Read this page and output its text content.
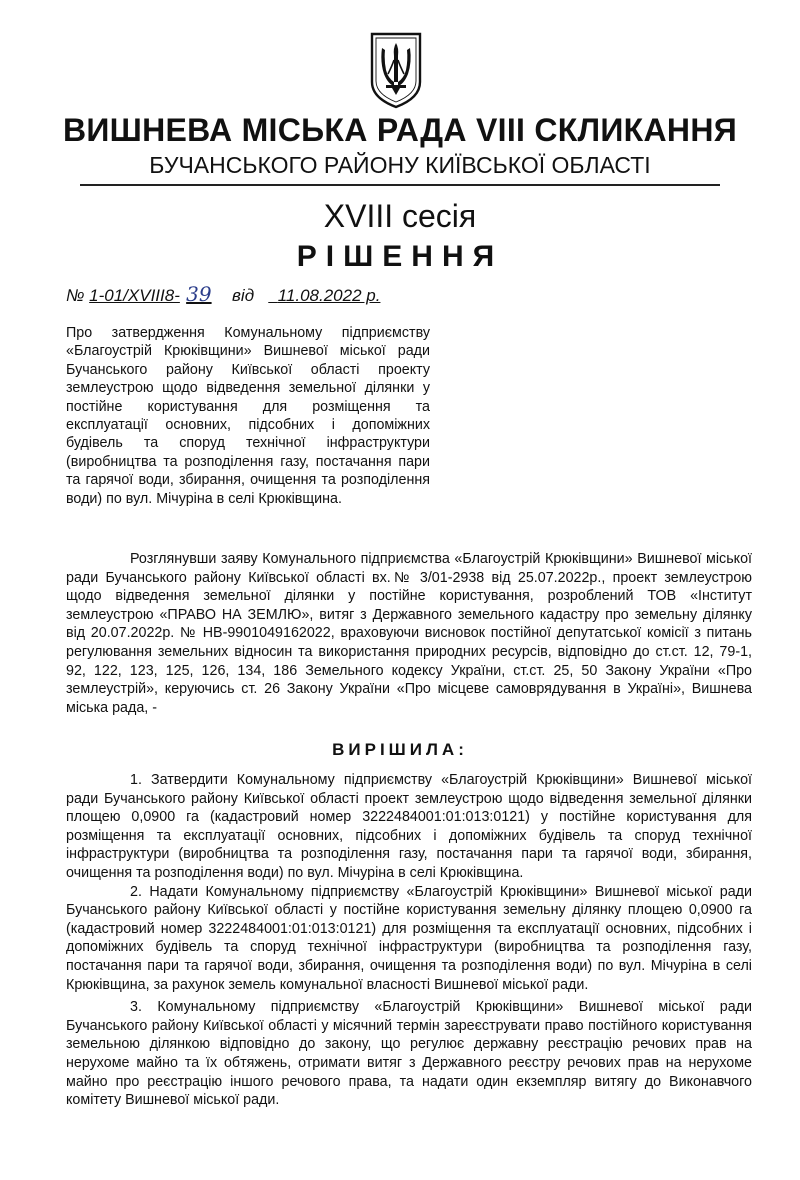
ВИШНЕВА МІСЬКА РАДА VIII СКЛИКАННЯ
БУЧАНСЬКОГО РАЙОНУ КИЇВСЬКОЇ ОБЛАСТІ
XVIII сесія
РІШЕННЯ
№ 1-01/XVIII8- 39 від 11.08.2022 р.
Про затвердження Комунальному підприємству «Благоустрій Крюківщини» Вишневої міської ради Бучанського району Київської області проекту землеустрою щодо відведення земельної ділянки у постійне користування для розміщення та експлуатації основних, підсобних і допоміжних будівель та споруд технічної інфраструктури (виробництва та розподілення газу, постачання пари та гарячої води, збирання, очищення та розподілення води) по вул. Мічуріна в селі Крюківщина.

Розглянувши заяву Комунального підприємства «Благоустрій Крюківщини» Вишневої міської ради Бучанського району Київської області вх.№ 3/01-2938 від 25.07.2022р., проект землеустрою щодо відведення земельної ділянки у постійне користування, розроблений ТОВ «Інститут землеустрою «ПРАВО НА ЗЕМЛЮ», витяг з Державного земельного кадастру про земельну ділянку від 20.07.2022р. № НВ-9901049162022, враховуючи висновок постійної депутатської комісії з питань регулювання земельних відносин та використання природних ресурсів, відповідно до ст.ст. 12, 79-1, 92, 122, 123, 125, 126, 134, 186 Земельного кодексу України, ст.ст. 25, 50 Закону України «Про землеустрій», керуючись ст. 26 Закону України «Про місцеве самоврядування в Україні», Вишнева міська рада, -

ВИРІШИЛА:

1. Затвердити Комунальному підприємству «Благоустрій Крюківщини» Вишневої міської ради Бучанського району Київської області проект землеустрою щодо відведення земельної ділянки площею 0,0900 га (кадастровий номер 3222484001:01:013:0121) у постійне користування для розміщення та експлуатації основних, підсобних і допоміжних будівель та споруд технічної інфраструктури (виробництва та розподілення газу, постачання пари та гарячої води, збирання, очищення та розподілення води) по вул. Мічуріна в селі Крюківщина.

2. Надати Комунальному підприємству «Благоустрій Крюківщини» Вишневої міської ради Бучанського району Київської області у постійне користування земельну ділянку площею 0,0900 га (кадастровий номер 3222484001:01:013:0121) для розміщення та експлуатації основних, підсобних і допоміжних будівель та споруд технічної інфраструктури (виробництва та розподілення газу, постачання пари та гарячої води, збирання, очищення та розподілення води) по вул. Мічуріна в селі Крюківщина, за рахунок земель комунальної власності Вишневої міської ради.

3. Комунальному підприємству «Благоустрій Крюківщини» Вишневої міської ради Бучанського району Київської області у місячний термін зареєструвати право постійного користування земельною ділянкою відповідно до закону, що регулює державну реєстрацію речових прав на нерухоме майно та їх обтяжень, отримати витяг з Державного реєстру речових прав на нерухоме майно про реєстрацію іншого речового права, та надати один екземпляр витягу до Виконавчого комітету Вишневої міської ради.
